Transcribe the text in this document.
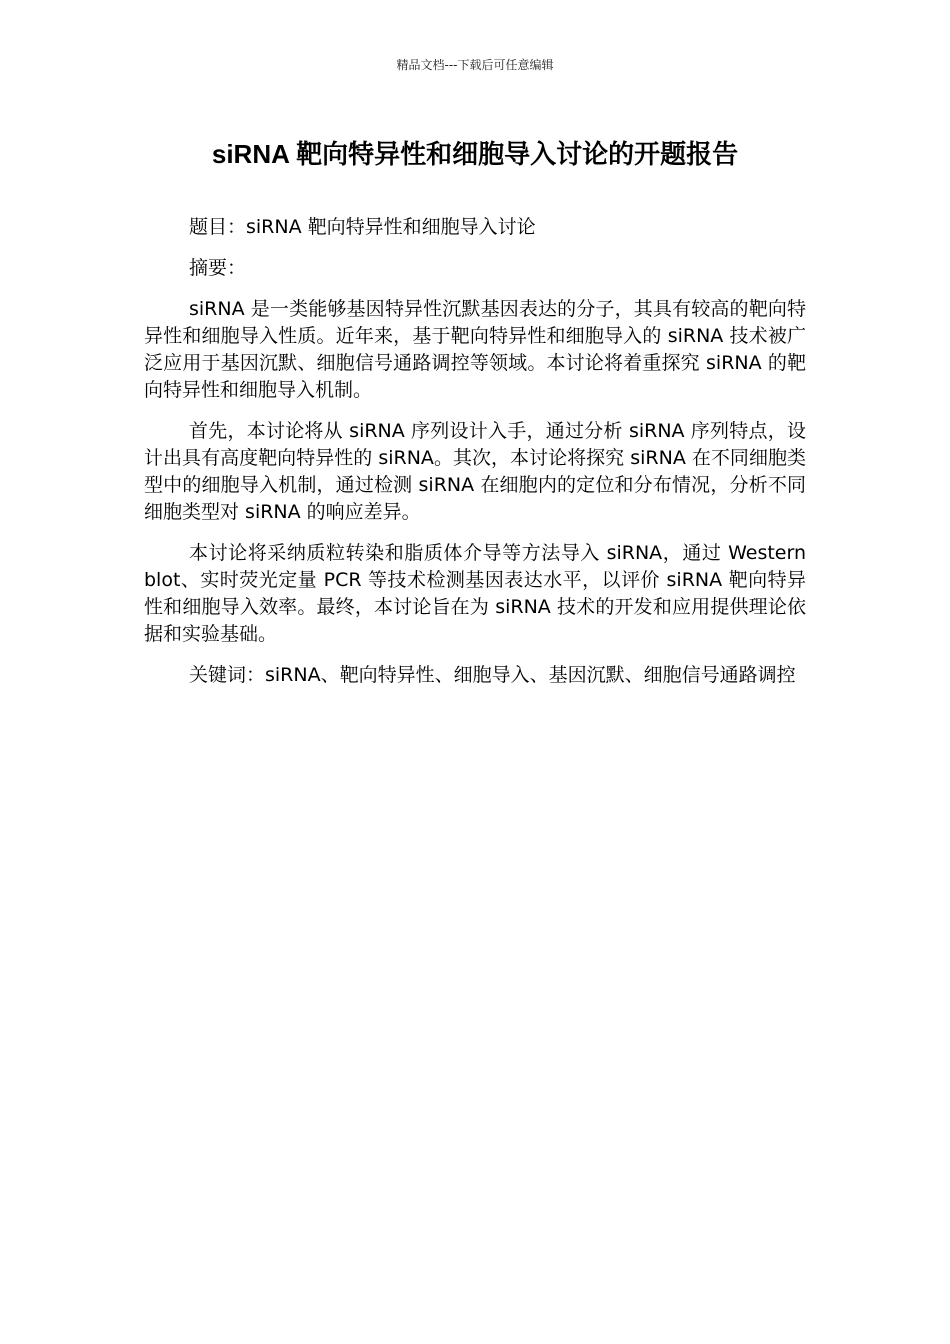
精品文档---下载后可任意编辑
siRNA 靶向特异性和细胞导入讨论的开题报告

题目：siRNA 靶向特异性和细胞导入讨论

摘要：

siRNA 是一类能够基因特异性沉默基因表达的分子，其具有较高的靶向特异性和细胞导入性质。近年来，基于靶向特异性和细胞导入的 siRNA 技术被广泛应用于基因沉默、细胞信号通路调控等领域。本讨论将着重探究 siRNA 的靶向特异性和细胞导入机制。

首先，本讨论将从 siRNA 序列设计入手，通过分析 siRNA 序列特点，设计出具有高度靶向特异性的 siRNA。其次，本讨论将探究 siRNA 在不同细胞类型中的细胞导入机制，通过检测 siRNA 在细胞内的定位和分布情况，分析不同细胞类型对 siRNA 的响应差异。

本讨论将采纳质粒转染和脂质体介导等方法导入 siRNA，通过 Western blot、实时荧光定量 PCR 等技术检测基因表达水平，以评价 siRNA 靶向特异性和细胞导入效率。最终，本讨论旨在为 siRNA 技术的开发和应用提供理论依据和实验基础。

关键词：siRNA、靶向特异性、细胞导入、基因沉默、细胞信号通路调控
